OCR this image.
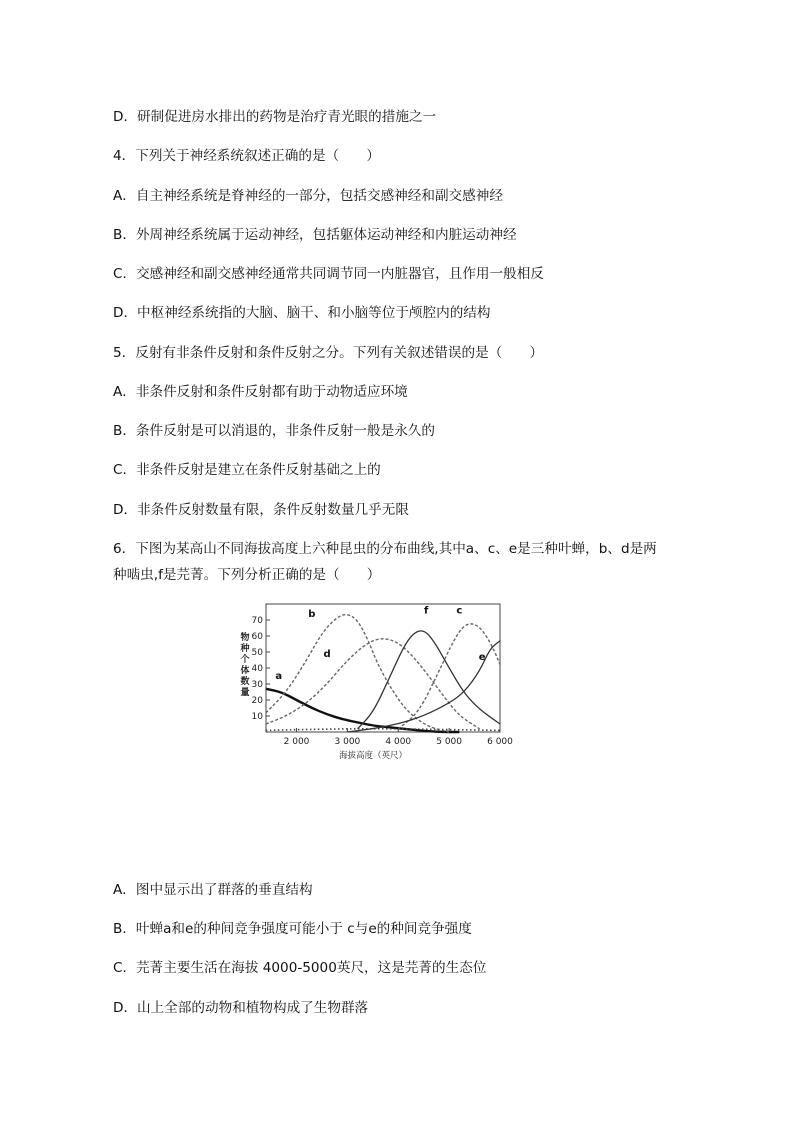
D．研制促进房水排出的药物是治疗青光眼的措施之一
4．下列关于神经系统叙述正确的是（　　）
A．自主神经系统是脊神经的一部分，包括交感神经和副交感神经
B．外周神经系统属于运动神经，包括躯体运动神经和内脏运动神经
C．交感神经和副交感神经通常共同调节同一内脏器官，且作用一般相反
D．中枢神经系统指的大脑、脑干、和小脑等位于颅腔内的结构
5．反射有非条件反射和条件反射之分。下列有关叙述错误的是（　　）
A．非条件反射和条件反射都有助于动物适应环境
B．条件反射是可以消退的，非条件反射一般是永久的
C．非条件反射是建立在条件反射基础之上的
D．非条件反射数量有限，条件反射数量几乎无限
6．下图为某高山不同海拔高度上六种昆虫的分布曲线,其中a、c、e是三种叶蝉，b、d是两
种啮虫,f是芫菁。下列分析正确的是（　　）
10
20
30
40
50
60
70
2 000	3 000	4 000	5 000	6 000
海拔高度（英尺）
物
种
个
体
数
量
a
b
d
f	c
e
A．图中显示出了群落的垂直结构
B．叶蝉a和e的种间竞争强度可能小于 c与e的种间竞争强度
C．芫菁主要生活在海拔 4000-5000英尺，这是芫菁的生态位
D．山上全部的动物和植物构成了生物群落
